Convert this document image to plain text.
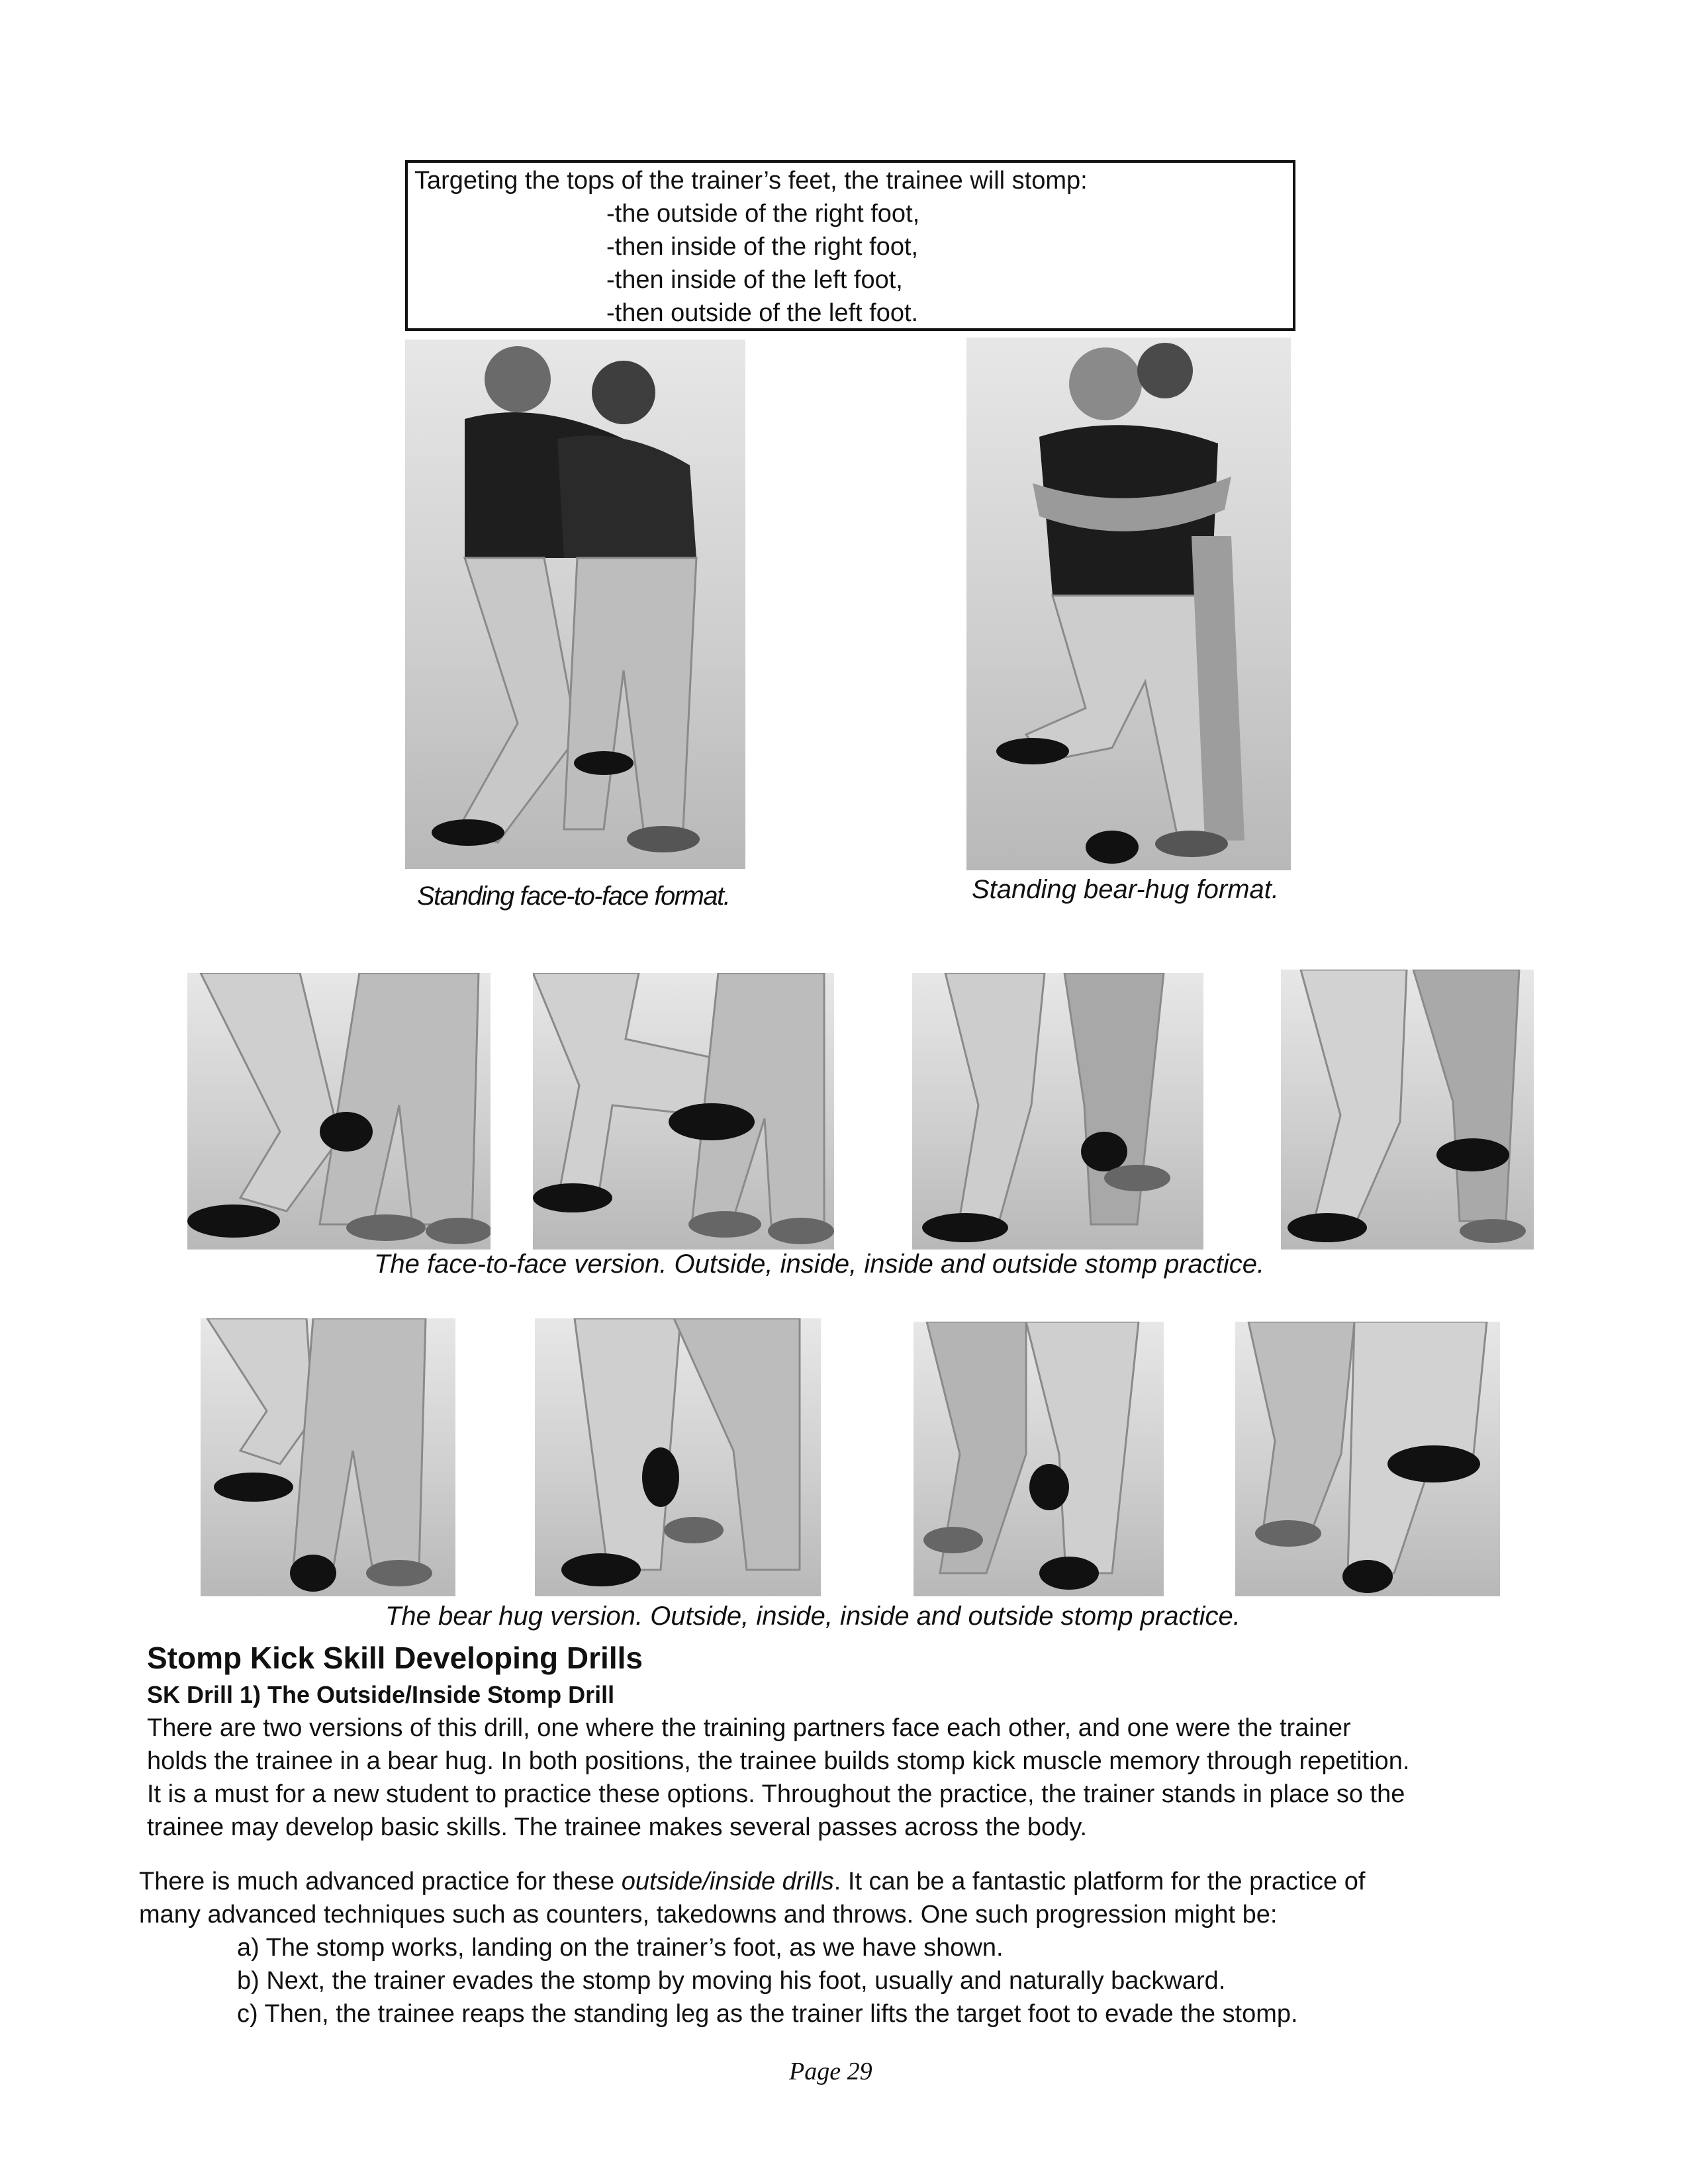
Targeting the tops of the trainer’s feet, the trainee will stomp:
-the outside of the right foot,
-then inside of the right foot,
-then inside of the left foot,
-then outside of the left foot.
Standing face-to-face format.	Standing bear-hug format.
The face-to-face version. Outside, inside, inside and outside stomp practice.
The bear hug version. Outside, inside, inside and outside stomp practice.
Stomp Kick Skill Developing Drills
SK Drill 1) The Outside/Inside Stomp Drill
There are two versions of this drill, one where the training partners face each other, and one were the trainer
holds the trainee in a bear hug. In both positions, the trainee builds stomp kick muscle memory through repetition.
It is a must for a new student to practice these options. Throughout the practice, the trainer stands in place so the
trainee may develop basic skills. The trainee makes several passes across the body.
There is much advanced practice for these outside/inside drills. It can be a fantastic platform for the practice of
many advanced techniques such as counters, takedowns and throws. One such progression might be:
a) The stomp works, landing on the trainer’s foot, as we have shown.
b) Next, the trainer evades the stomp by moving his foot, usually and naturally backward.
c) Then, the trainee reaps the standing leg as the trainer lifts the target foot to evade the stomp.
Page 29
